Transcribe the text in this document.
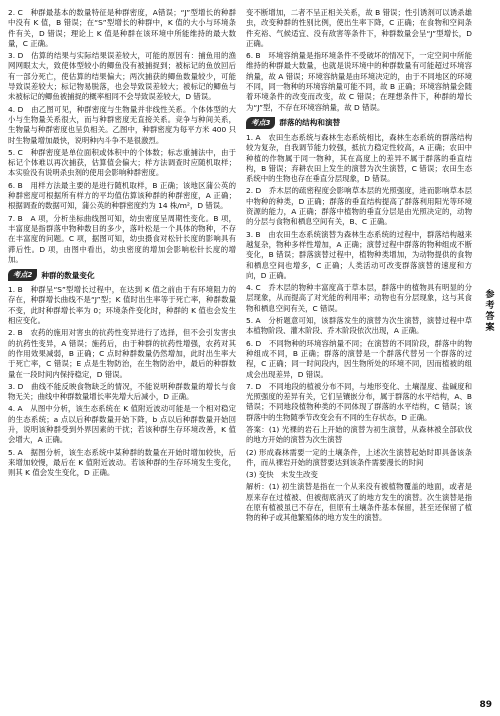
2. C　种群最基本的数量特征是种群密度，A错误；“J”型增长的种群中没有 K 值，B 错误；在“S”型增长的种群中，K 值的大小与环境条件有关，D 错误；理论上 K 值是种群在该环境中所能维持的最大数量，C 正确。

3. D　估算的结果与实际结果误差较大，可能的原因有：捕鱼用的渔网网眼太大，致使体型较小的鲫鱼没有被捕捉到；被标记的鱼放回后有一部分死亡，使估算的结果偏大；两次捕获的鲫鱼数量较少，可能导致误差较大；标记物易脱落，也会导致误差较大；被标记的鲫鱼与未被标记的鲫鱼被捕捉的概率相同不会导致误差较大，D 错误。

4. D　由乙图可见，种群密度与生物量并非线性关系。个体体型的大小与生物量关系很大，而与种群密度无直接关系。竞争与种间关系，生物量与种群密度也呈负相关。乙图中，种群密度为每平方米 400 只时生物量增加最快，说明种内斗争不是很激烈。

5. C　种群密度是单位面积或体积中的个体数；标志重捕法中，由于标记个体难以再次捕获，估算值会偏大；样方法调查时应随机取样；本实验没有说明杀虫剂的使用会影响种群密度。

6. B　用样方法最主要的是进行随机取样，B 正确；该地区蒲公英的种群密度可根据所有样方的平均值估算该种群的种群密度，A 正确；根据调查的数据可知，蒲公英的种群密度约为 14 株/m²，D 错误。

7. B　A 项，分析坐标曲线图可知，幼虫密度呈周期性变化。B 项，丰富度是指群落中物种数目的多少，落叶松是一个具体的物种，不存在丰富度的问题。C 项，据图可知，幼虫摄食对松针长度的影响具有滞后性。D 项，由图中看出，幼虫密度的增加会影响松针长度的增加。

考点2	种群的数量变化

1. B　种群呈“S”型增长过程中，在达到 K 值之前由于有环境阻力的存在，种群增长曲线不是“J”型；K 值时出生率等于死亡率，种群数量不变，此时种群增长率为 0；环境条件变化时，种群的 K 值也会发生相应变化。

2. B　农药的施用对害虫的抗药性变异进行了选择，但不会引发害虫的抗药性变异，A 错误；施药后，由于种群的抗药性增强，农药对其的作用效果减弱，B 正确；C 点时种群数量仍然增加，此时出生率大于死亡率，C 错误；E 点是生物防治，在生物防治中，最后的种群数量在一段时间内保持稳定，D 错误。

3. D　曲线不能反映食物缺乏的情况，不能说明种群数量的增长与食物无关；曲线中种群数量增长率先增大后减小，D 正确。

4. A　从图中分析，该生态系统在 K 值附近波动可能是一个相对稳定的生态系统；a 点以后种群数量开始下降，b 点以后种群数量开始回升，说明该种群受到外界因素的干扰；若该种群生存环境改善，K 值会增大，A 正确。

5. A　据图分析，该生态系统中某种群的数量在开始时增加较快，后来增加较慢，最后在 K 值附近波动。若该种群的生存环境发生变化，则其 K 值会发生变化，D 正确。

变不断增加，二者不呈正相关关系，故 B 错误；性引诱剂可以诱杀雄虫，改变种群的性别比例，使出生率下降，C 正确；在食物和空间条件充裕、气候适宜、没有敌害等条件下，种群数量会呈“J”型增长，D 正确。

6. B　环境容纳量是指环境条件不受破坏的情况下，一定空间中所能维持的种群最大数量，也就是说环境中的种群数量有可能超过环境容纳量，故 A 错误；环境容纳量是由环境决定的，由于不同地区的环境不同，同一物种的环境容纳量可能不同，故 B 正确；环境容纳量会随着环境条件的改变而改变，故 C 错误；在理想条件下，种群的增长为“J”型，不存在环境容纳量，故 D 错误。

考点3	群落的结构和演替

1. A　农田生态系统与森林生态系统相比，森林生态系统的群落结构较为复杂，自我调节能力较强，抵抗力稳定性较高，A 正确；农田中种植的作物属于同一物种，其在高度上的差异不属于群落的垂直结构，B 错误；弃耕农田上发生的演替为次生演替，C 错误；农田生态系统中的生物也存在垂直分层现象，D 错误。

2. D　乔木层的疏密程度会影响草本层的光照强度，进而影响草本层中物种的种类，D 正确；群落的垂直结构提高了群落利用阳光等环境资源的能力，A 正确；群落中植物的垂直分层是由光照决定的，动物的分层与食物和栖息空间有关，B、C 正确。

3. B　由农田生态系统演替为森林生态系统的过程中，群落结构越来越复杂，物种多样性增加，A 正确；演替过程中群落的物种组成不断变化，B 错误；群落演替过程中，植物种类增加，为动物提供的食物和栖息空间也增多，C 正确；人类活动可改变群落演替的速度和方向，D 正确。

4. C　乔木层的物种丰富度高于草本层，群落中的植物具有明显的分层现象，从而提高了对光能的利用率；动物也有分层现象，这与其食物和栖息空间有关，C 错误。

5. A　分析题意可知，该群落发生的演替为次生演替，演替过程中草本植物阶段、灌木阶段、乔木阶段依次出现，A 正确。

6. D　不同物种的环境容纳量不同；在演替的不同阶段，群落中的物种组成不同，B 正确；群落的演替是一个群落代替另一个群落的过程，C 正确；同一时间段内，因生物所处的环境不同，因而植被的组成会出现差异，D 错误。

7. D　不同地段的植被分布不同，与地形变化、土壤湿度、盐碱度和光照强度的差异有关，它们呈镶嵌分布，属于群落的水平结构，A、B 错误；不同地段植物种类的不同体现了群落的水平结构，C 错误；该群落中的生物随季节改变会有不同的生存状态，D 正确。

答案：(1) 光裸的岩石上开始的演替为初生演替，从森林被全部砍伐的地方开始的演替为次生演替

(2) 形成森林需要一定的土壤条件，上述次生演替起始时即具备该条件，而从裸岩开始的演替要达到该条件需要漫长的时间

(3) 变快　未发生改变

解析：(1) 初生演替是指在一个从来没有被植物覆盖的地面，或者是原来存在过植被、但被彻底消灭了的地方发生的演替。次生演替是指在原有植被虽已不存在，但原有土壤条件基本保留，甚至还保留了植物的种子或其他繁殖体的地方发生的演替。

参考答案
89
